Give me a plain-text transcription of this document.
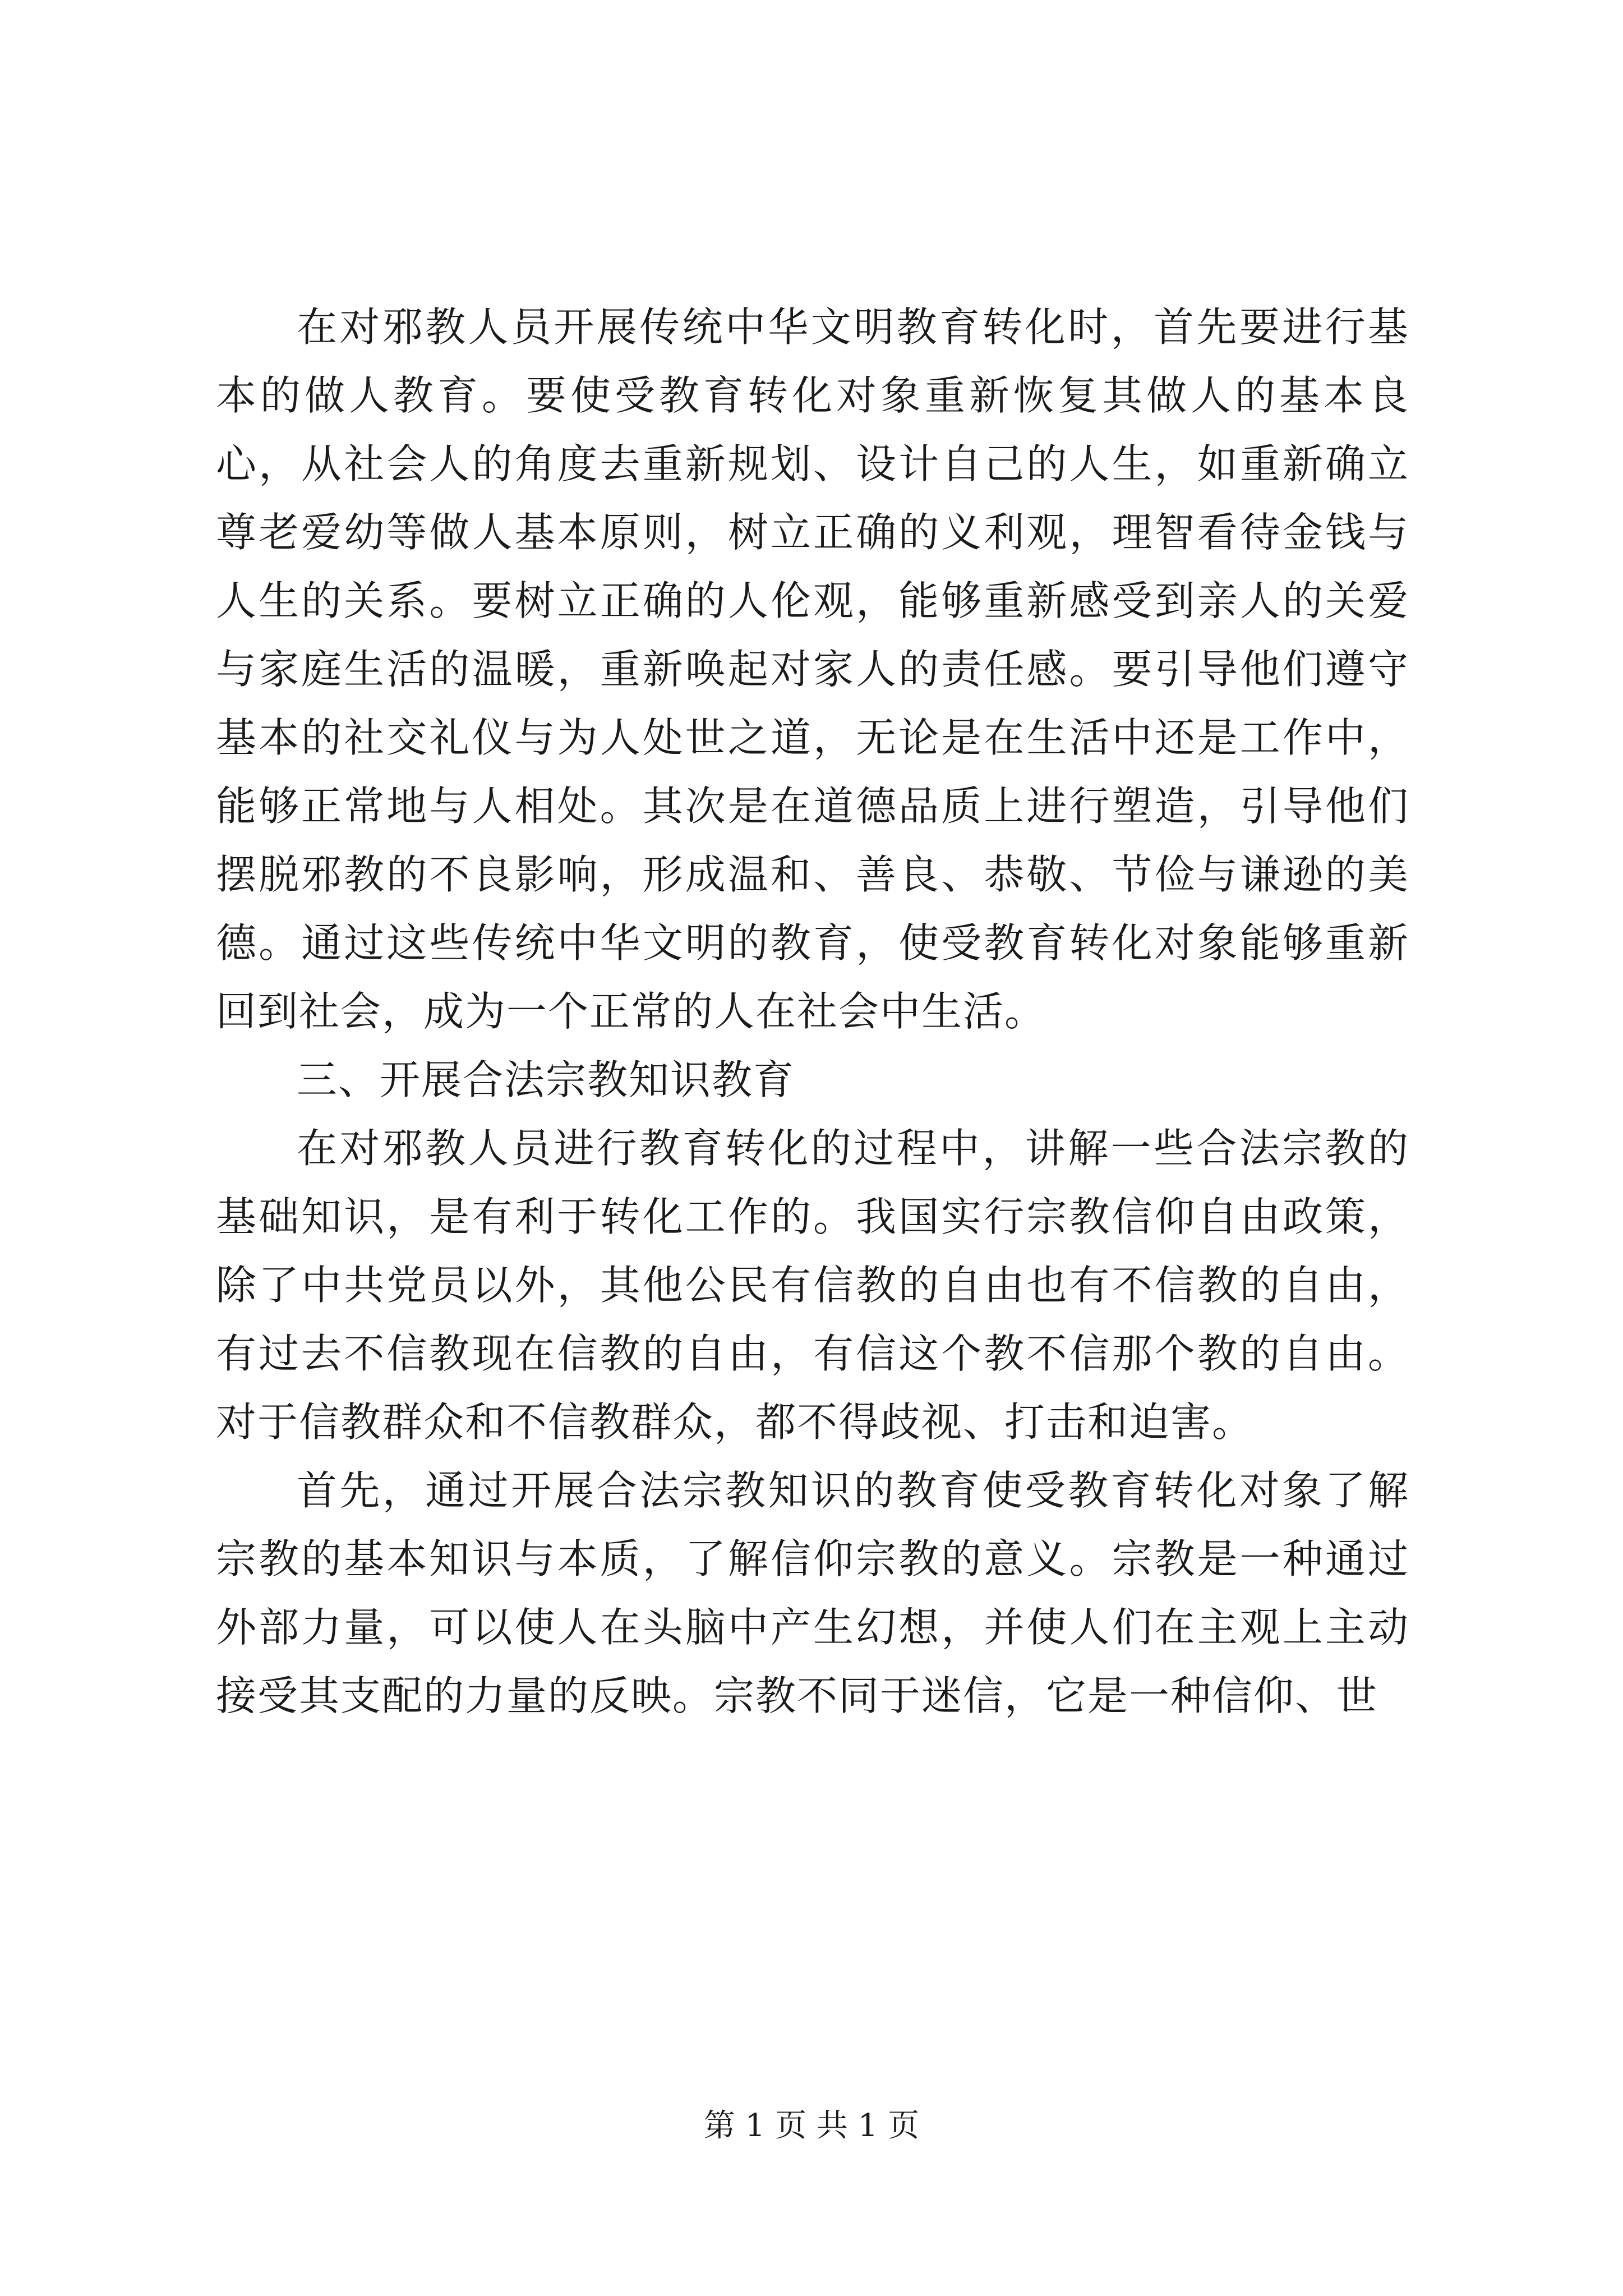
在对邪教人员开展传统中华文明教育转化时，首先要进行基本的做人教育。要使受教育转化对象重新恢复其做人的基本良心，从社会人的角度去重新规划、设计自己的人生，如重新确立尊老爱幼等做人基本原则，树立正确的义利观，理智看待金钱与人生的关系。要树立正确的人伦观，能够重新感受到亲人的关爱与家庭生活的温暖，重新唤起对家人的责任感。要引导他们遵守基本的社交礼仪与为人处世之道，无论是在生活中还是工作中，能够正常地与人相处。其次是在道德品质上进行塑造，引导他们摆脱邪教的不良影响，形成温和、善良、恭敬、节俭与谦逊的美德。通过这些传统中华文明的教育，使受教育转化对象能够重新回到社会，成为一个正常的人在社会中生活。

三、开展合法宗教知识教育

在对邪教人员进行教育转化的过程中，讲解一些合法宗教的基础知识，是有利于转化工作的。我国实行宗教信仰自由政策，除了中共党员以外，其他公民有信教的自由也有不信教的自由，有过去不信教现在信教的自由，有信这个教不信那个教的自由。对于信教群众和不信教群众，都不得歧视、打击和迫害。

首先，通过开展合法宗教知识的教育使受教育转化对象了解宗教的基本知识与本质，了解信仰宗教的意义。宗教是一种通过外部力量，可以使人在头脑中产生幻想，并使人们在主观上主动接受其支配的力量的反映。宗教不同于迷信，它是一种信仰、世

第 1 页 共 1 页
